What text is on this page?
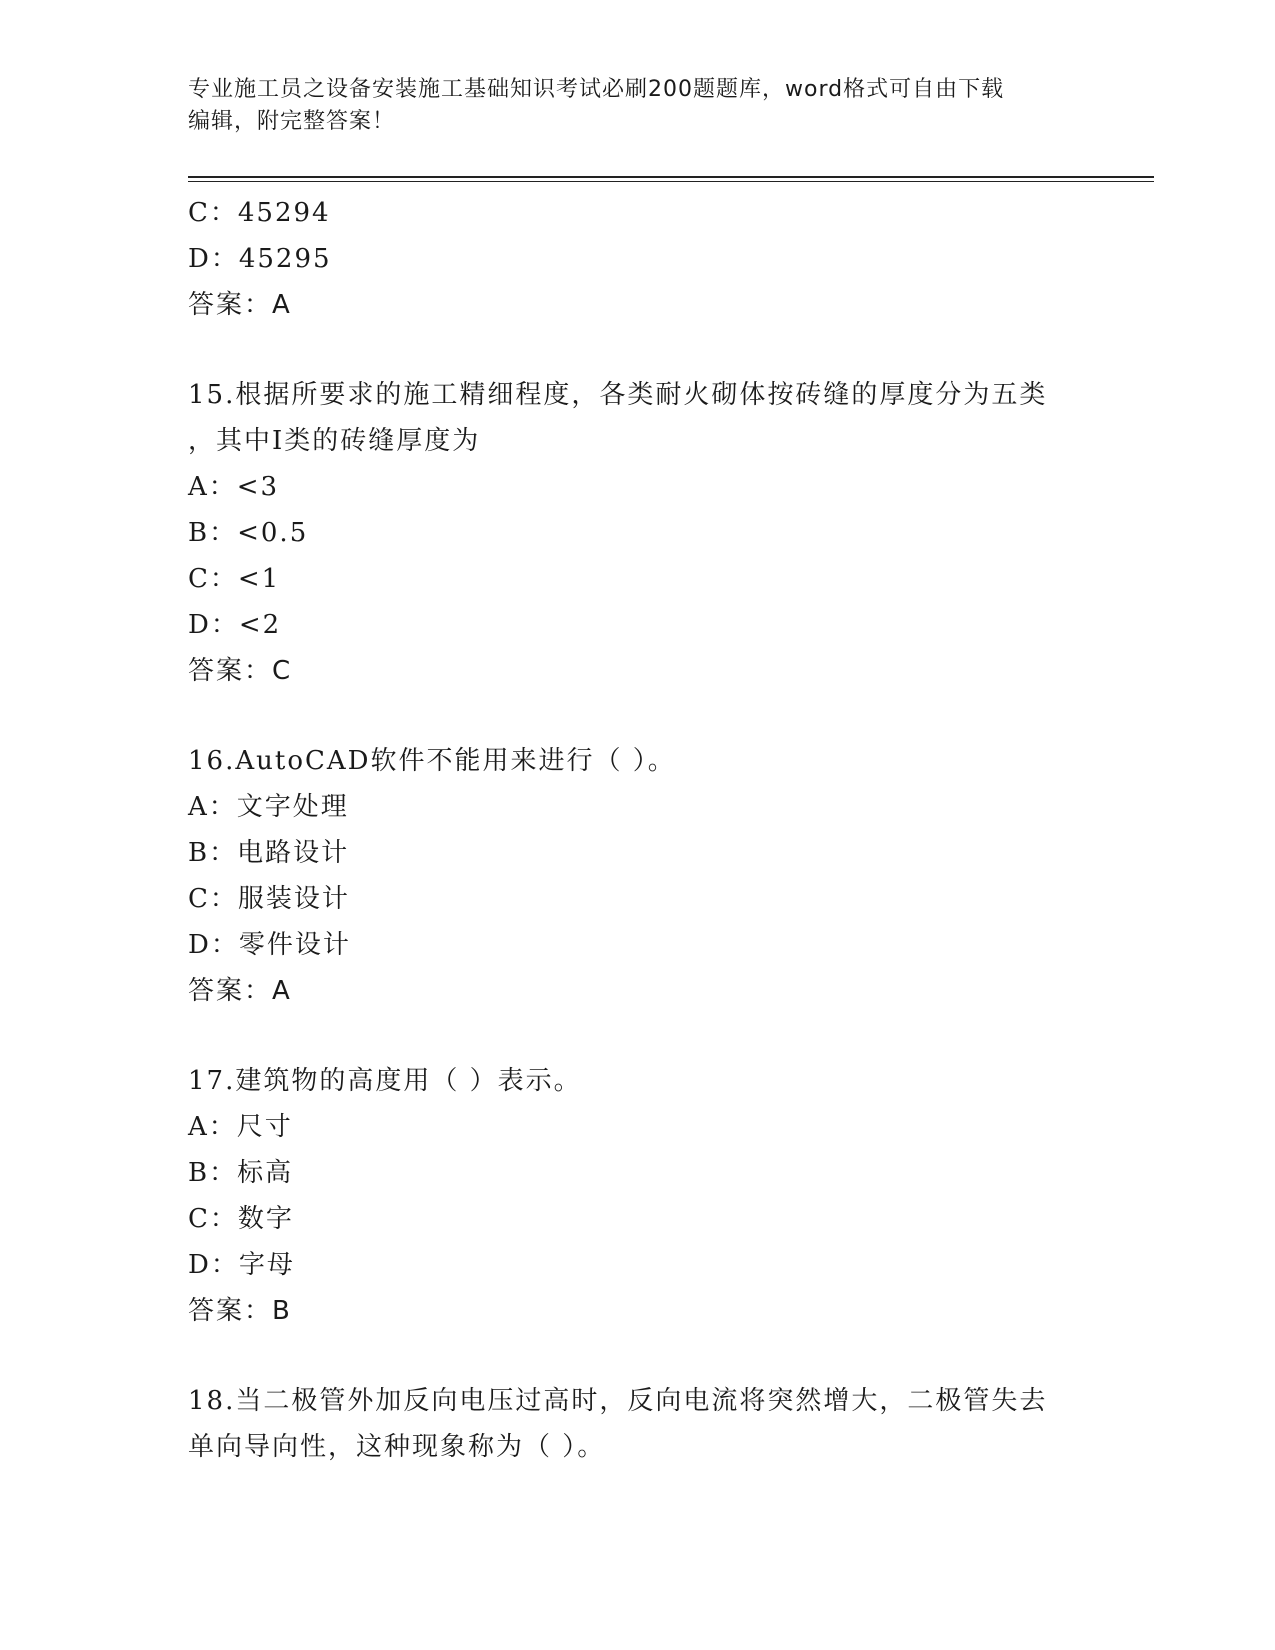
专业施工员之设备安装施工基础知识考试必刷200题题库，word格式可自由下载
编辑，附完整答案！
C：45294
D：45295
答案：A
15.根据所要求的施工精细程度，各类耐火砌体按砖缝的厚度分为五类
，其中Ⅰ类的砖缝厚度为
A：<3
B：<0.5
C：<1
D：<2
答案：C
16.AutoCAD软件不能用来进行（ ）。
A：文字处理
B：电路设计
C：服装设计
D：零件设计
答案：A
17.建筑物的高度用（ ）表示。
A：尺寸
B：标高
C：数字
D：字母
答案：B
18.当二极管外加反向电压过高时，反向电流将突然增大，二极管失去
单向导向性，这种现象称为（ ）。
